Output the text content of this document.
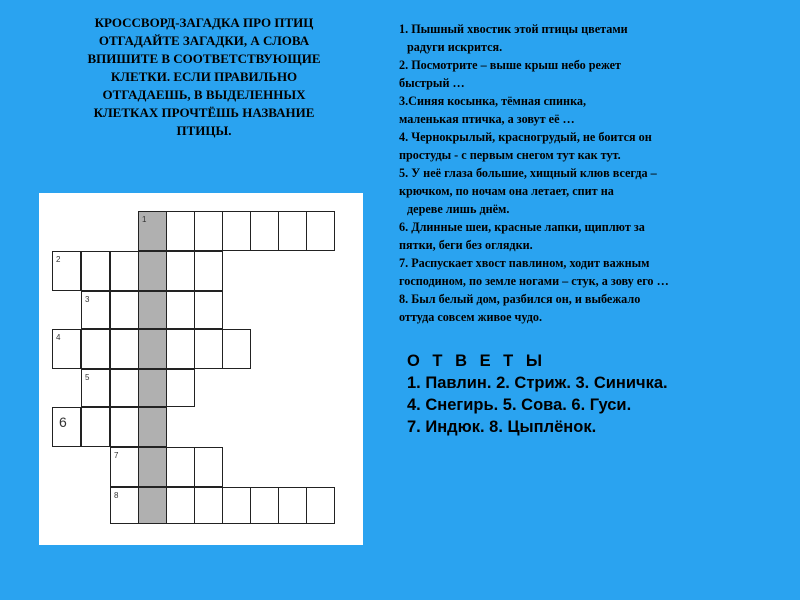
КРОССВОРД-ЗАГАДКА ПРО ПТИЦ
ОТГАДАЙТЕ ЗАГАДКИ, А СЛОВА
ВПИШИТЕ В СООТВЕТСТВУЮЩИЕ
КЛЕТКИ. ЕСЛИ ПРАВИЛЬНО
ОТГАДАЕШЬ, В ВЫДЕЛЕННЫХ
КЛЕТКАХ ПРОЧТЁШЬ НАЗВАНИЕ
ПТИЦЫ.
1. Пышный хвостик этой птицы цветами
радуги искрится.
2. Посмотрите – выше крыш небо режет
быстрый …
3.Синяя косынка, тёмная спинка,
маленькая птичка, а зовут её …
4. Чернокрылый, красногрудый, не боится он
простуды - с первым снегом тут как тут.
5. У неё глаза большие, хищный клюв всегда –
крючком, по ночам она летает, спит на
дереве лишь днём.
6. Длинные шеи, красные лапки, щиплют за
пятки, беги без оглядки.
7. Распускает хвост павлином, ходит важным
господином, по земле ногами – стук, а зову его …
8. Был белый дом, разбился он, и выбежало
оттуда совсем живое чудо.
О Т В Е Т Ы
1. Павлин. 2. Стриж. 3. Синичка.
4. Снегирь. 5. Сова. 6. Гуси.
7. Индюк. 8. Цыплёнок.
1
2
3
4
5
6
7
8
